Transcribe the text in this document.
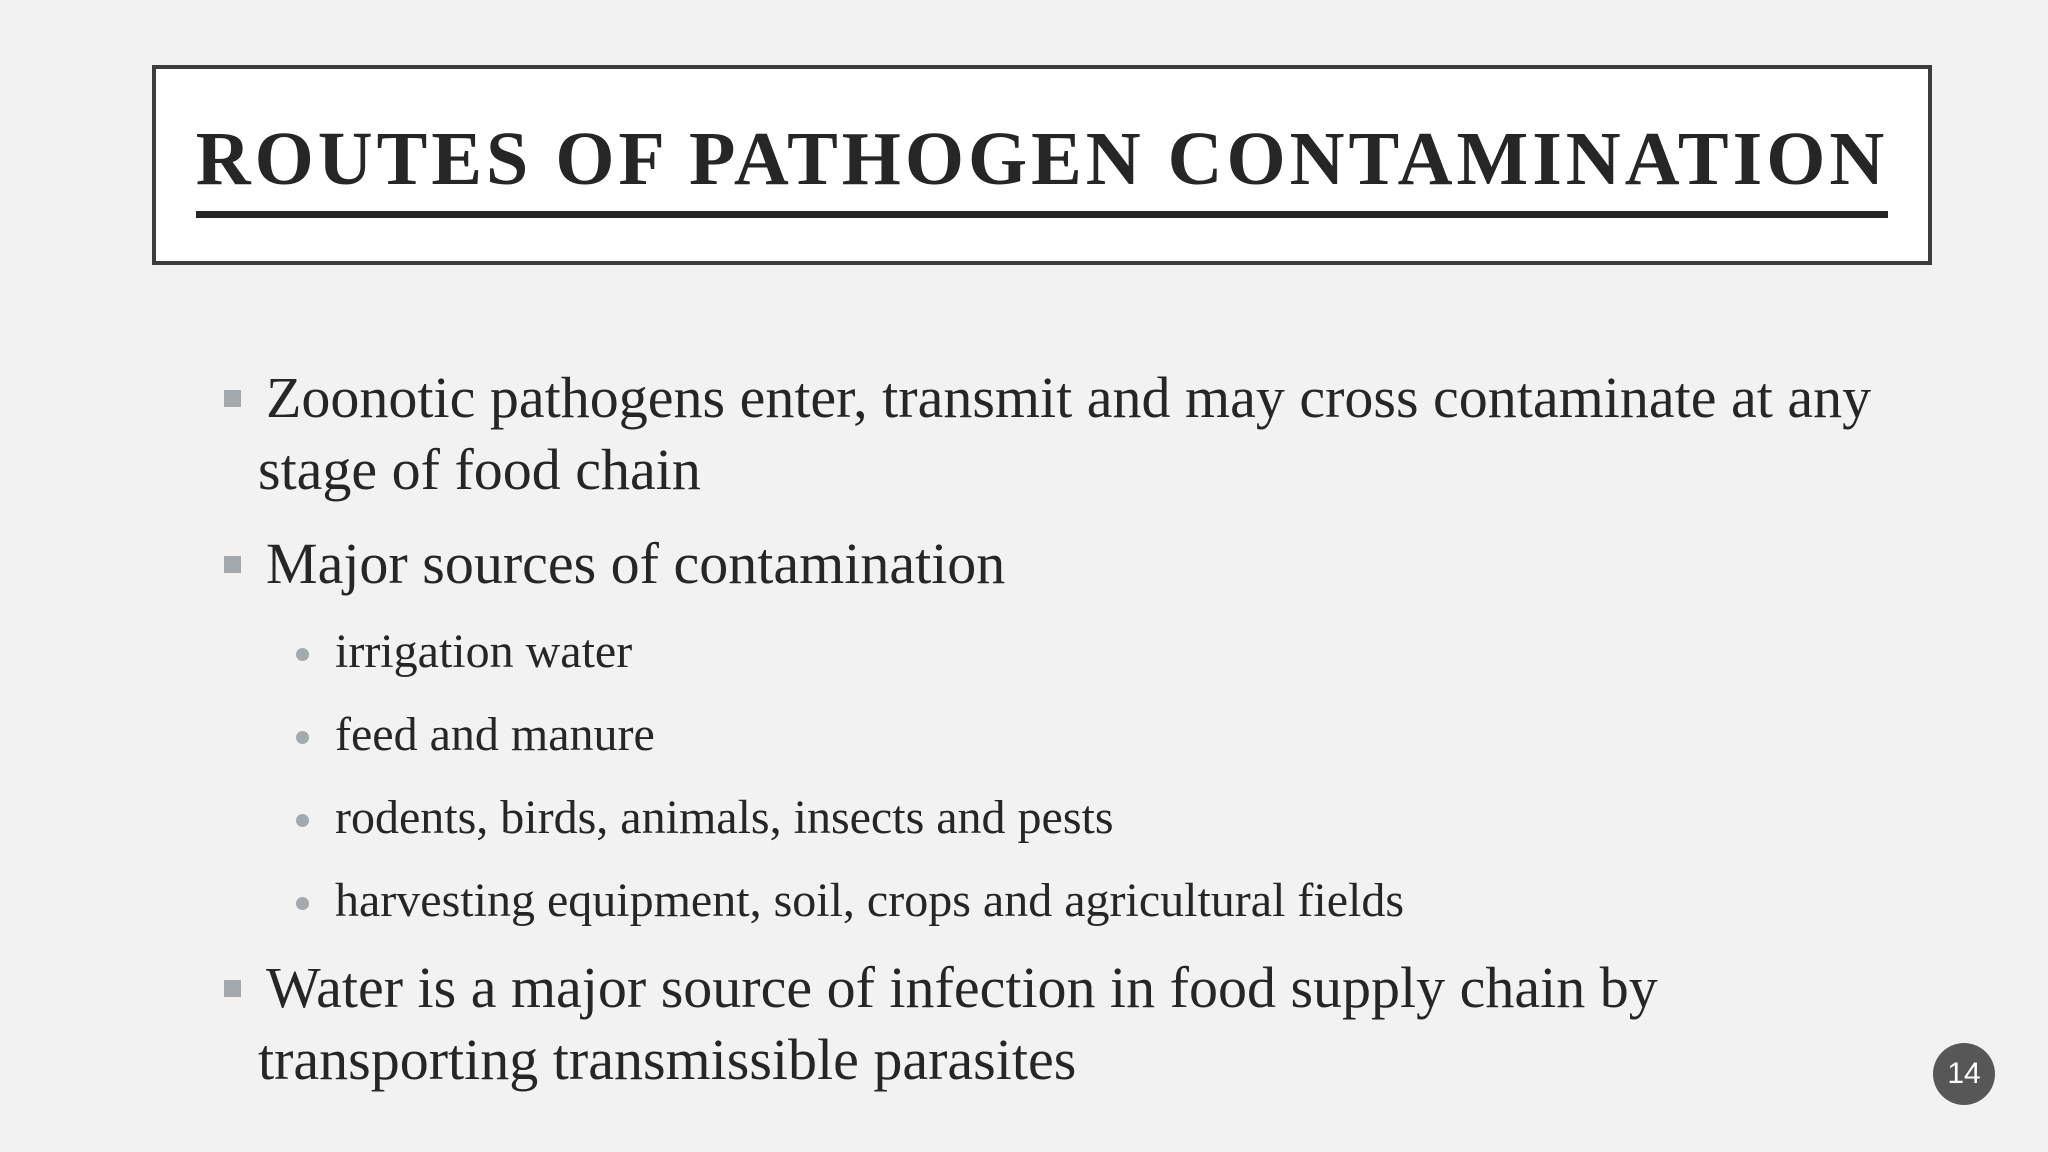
ROUTES OF PATHOGEN CONTAMINATION
Zoonotic pathogens enter, transmit and may cross contaminate at any stage of food chain
Major sources of contamination
irrigation water
feed and manure
rodents, birds, animals, insects and pests
harvesting equipment, soil, crops and agricultural fields
Water is a major source of infection in food supply chain by transporting transmissible parasites	14
